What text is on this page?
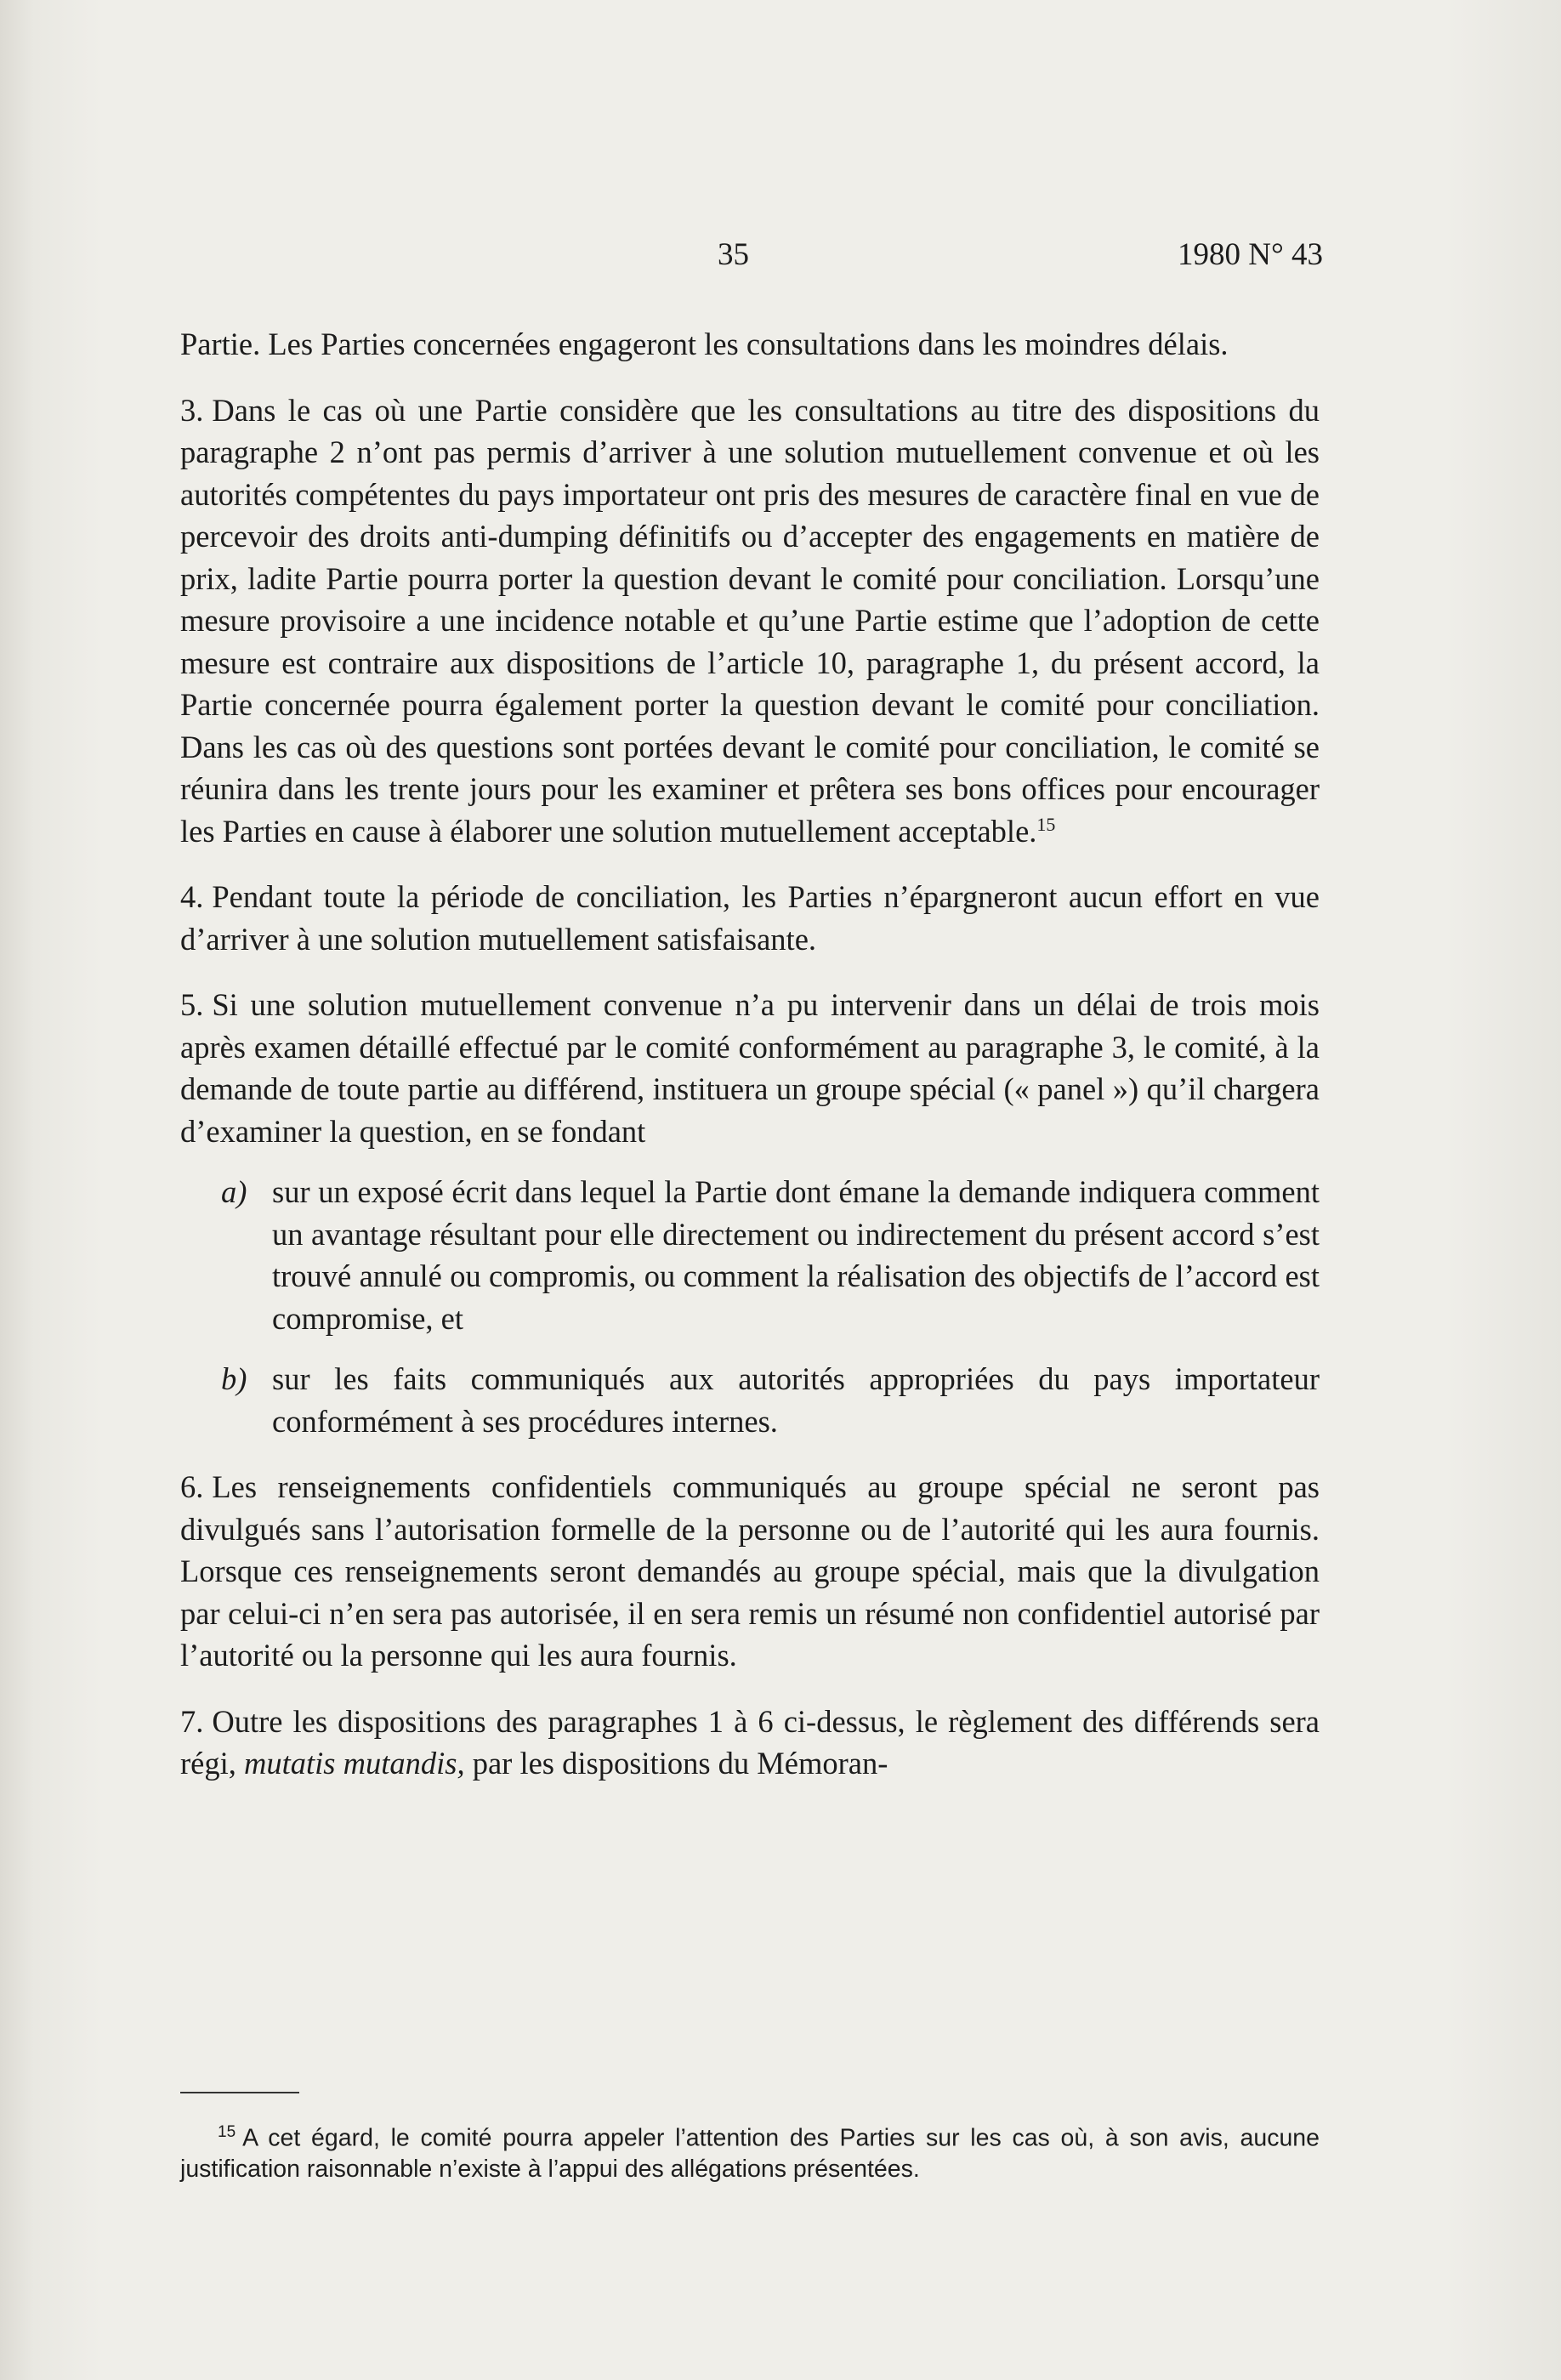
35	1980 N° 43

Partie. Les Parties concernées engageront les consultations dans les moindres délais.

3. Dans le cas où une Partie considère que les consultations au titre des dispositions du paragraphe 2 n’ont pas permis d’arriver à une solution mutuellement convenue et où les autorités compétentes du pays importateur ont pris des mesures de caractère final en vue de percevoir des droits anti-dumping définitifs ou d’accepter des engagements en matière de prix, ladite Partie pourra porter la question devant le comité pour conciliation. Lorsqu’une mesure provisoire a une incidence notable et qu’une Partie estime que l’adoption de cette mesure est contraire aux dispositions de l’article 10, paragraphe 1, du présent accord, la Partie concernée pourra également porter la question devant le comité pour conciliation. Dans les cas où des questions sont portées devant le comité pour conciliation, le comité se réunira dans les trente jours pour les examiner et prêtera ses bons offices pour encourager les Parties en cause à élaborer une solution mutuellement acceptable.$^{15}$

4. Pendant toute la période de conciliation, les Parties n’épargneront aucun effort en vue d’arriver à une solution mutuellement satisfaisante.

5. Si une solution mutuellement convenue n’a pu intervenir dans un délai de trois mois après examen détaillé effectué par le comité conformément au paragraphe 3, le comité, à la demande de toute partie au différend, instituera un groupe spécial (« panel ») qu’il chargera d’examiner la question, en se fondant

a) sur un exposé écrit dans lequel la Partie dont émane la demande indiquera comment un avantage résultant pour elle directement ou indirectement du présent accord s’est trouvé annulé ou compromis, ou comment la réalisation des objectifs de l’accord est compromise, et

b) sur les faits communiqués aux autorités appropriées du pays importateur conformément à ses procédures internes.

6. Les renseignements confidentiels communiqués au groupe spécial ne seront pas divulgués sans l’autorisation formelle de la personne ou de l’autorité qui les aura fournis. Lorsque ces renseignements seront demandés au groupe spécial, mais que la divulgation par celui-ci n’en sera pas autorisée, il en sera remis un résumé non confidentiel autorisé par l’autorité ou la personne qui les aura fournis.

7. Outre les dispositions des paragraphes 1 à 6 ci-dessus, le règlement des différends sera régi, mutatis mutandis, par les dispositions du Mémoran-

$^{15}$ A cet égard, le comité pourra appeler l’attention des Parties sur les cas où, à son avis, aucune justification raisonnable n’existe à l’appui des allégations présentées.
